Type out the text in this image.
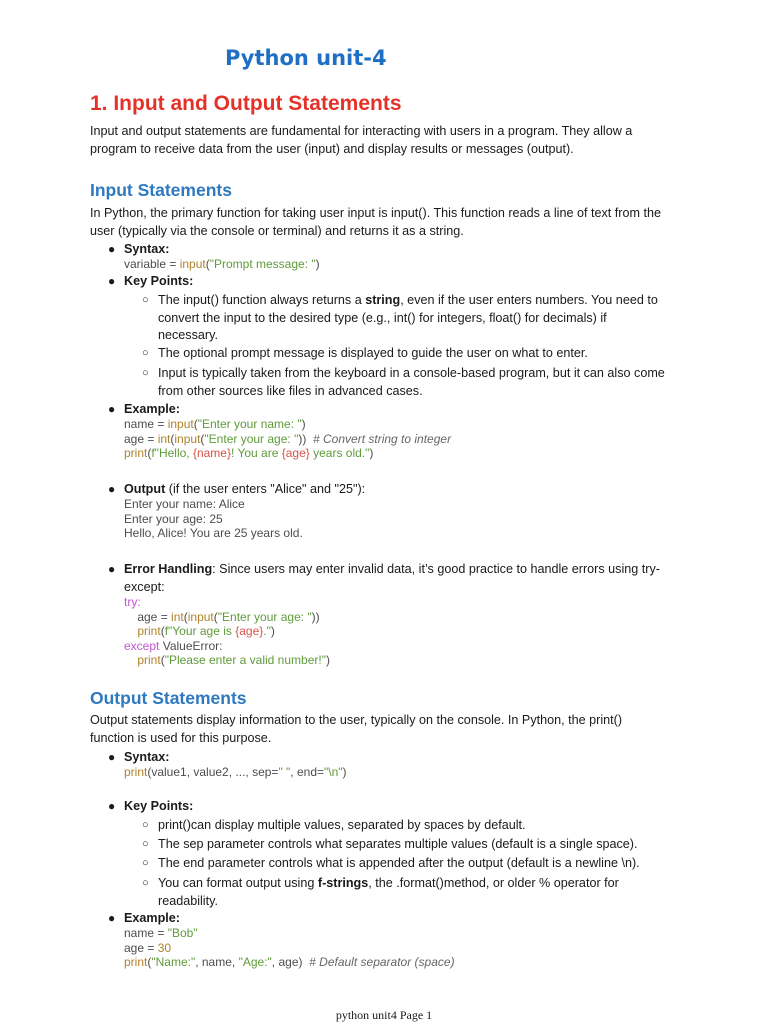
Python unit-4
1. Input and Output Statements

Input and output statements are fundamental for interacting with users in a program. They allow a
program to receive data from the user (input) and display results or messages (output).

Input Statements

In Python, the primary function for taking user input is input(). This function reads a line of text from the
user (typically via the console or terminal) and returns it as a string.

● Syntax:
variable = input("Prompt message: ")
● Key Points:
○ The input() function always returns a string, even if the user enters numbers. You need to convert the input to the desired type (e.g., int() for integers, float() for decimals) if necessary.
○ The optional prompt message is displayed to guide the user on what to enter.
○ Input is typically taken from the keyboard in a console-based program, but it can also come from other sources like files in advanced cases.
● Example:
name = input("Enter your name: ")
age = int(input("Enter your age: "))  # Convert string to integer
print(f"Hello, {name}! You are {age} years old.")
● Output (if the user enters "Alice" and "25"):
Enter your name: Alice
Enter your age: 25
Hello, Alice! You are 25 years old.
● Error Handling: Since users may enter invalid data, it’s good practice to handle errors using try-
except:
try:
age = int(input("Enter your age: "))
print(f"Your age is {age}.")
except ValueError:
print("Please enter a valid number!")
Output Statements

Output statements display information to the user, typically on the console. In Python, the print()
function is used for this purpose.

● Syntax:
print(value1, value2, ..., sep=" ", end="\n")
● Key Points:
○ print()can display multiple values, separated by spaces by default.
○ The sep parameter controls what separates multiple values (default is a single space).
○ The end parameter controls what is appended after the output (default is a newline \n).
○ You can format output using f-strings, the .format()method, or older % operator for readability.
● Example:
name = "Bob"
age = 30
print("Name:", name, "Age:", age)  # Default separator (space)
python unit4 Page 1
